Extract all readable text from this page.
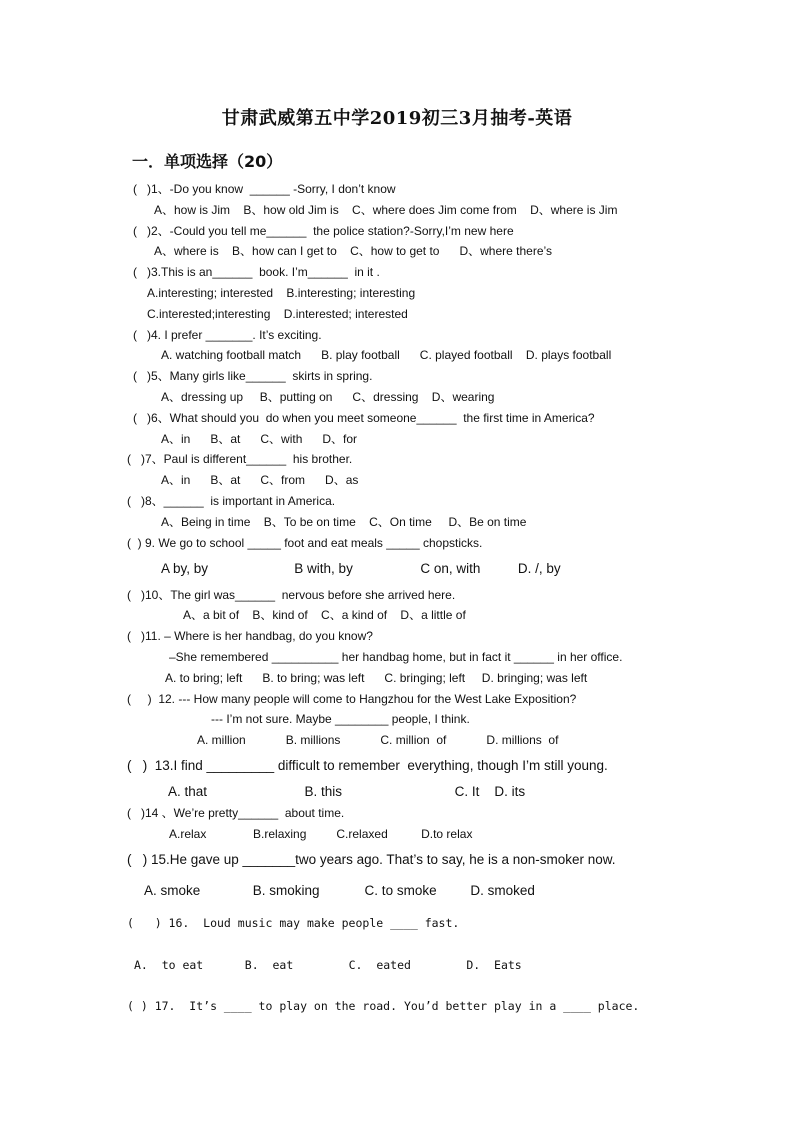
甘肃武威第五中学2019初三3月抽考-英语
一．单项选择（20）
(   )1、-Do you know  ______ -Sorry, I don’t know
A、how is Jim    B、how old Jim is    C、where does Jim come from    D、where is Jim
(   )2、-Could you tell me______  the police station?-Sorry,I’m new here
A、where is    B、how can I get to    C、how to get to      D、where there’s
(   )3.This is an______  book. I’m______  in it .
A.interesting; interested    B.interesting; interesting
C.interested;interesting    D.interested; interested
(   )4. I prefer _______. It’s exciting.
A. watching football match      B. play football      C. played football    D. plays football
(   )5、Many girls like______  skirts in spring.
A、dressing up     B、putting on      C、dressing    D、wearing
(   )6、What should you  do when you meet someone______  the first time in America?
A、in      B、at      C、with      D、for
(   )7、Paul is different______  his brother.
A、in      B、at      C、from      D、as
(   )8、______  is important in America.
A、Being in time    B、To be on time    C、On time     D、Be on time
(  ) 9. We go to school _____ foot and eat meals _____ chopsticks.
A by, by                       B with, by                  C on, with          D. /, by
(   )10、The girl was______  nervous before she arrived here.
A、a bit of    B、kind of    C、a kind of    D、a little of
(   )11. – Where is her handbag, do you know?
–She remembered __________ her handbag home, but in fact it ______ in her office.
A. to bring; left      B. to bring; was left      C. bringing; left     D. bringing; was left
(     )  12. --- How many people will come to Hangzhou for the West Lake Exposition?
--- I’m not sure. Maybe ________ people, I think.
A. million            B. millions            C. million  of            D. millions  of
(   )  13.I find _________ difficult to remember  everything, though I’m still young.
A. that                          B. this                              C. It    D. its
(   )14 、We’re pretty______  about time.
A.relax              B.relaxing         C.relaxed          D.to relax
(   ) 15.He gave up _______two years ago. That’s to say, he is a non-smoker now.
A. smoke              B. smoking            C. to smoke         D. smoked
(   ) 16.  Loud music may make people ____ fast.
A.  to eat      B.  eat        C.  eated        D.  Eats
( ) 17.  It’s ____ to play on the road. You’d better play in a ____ place.
